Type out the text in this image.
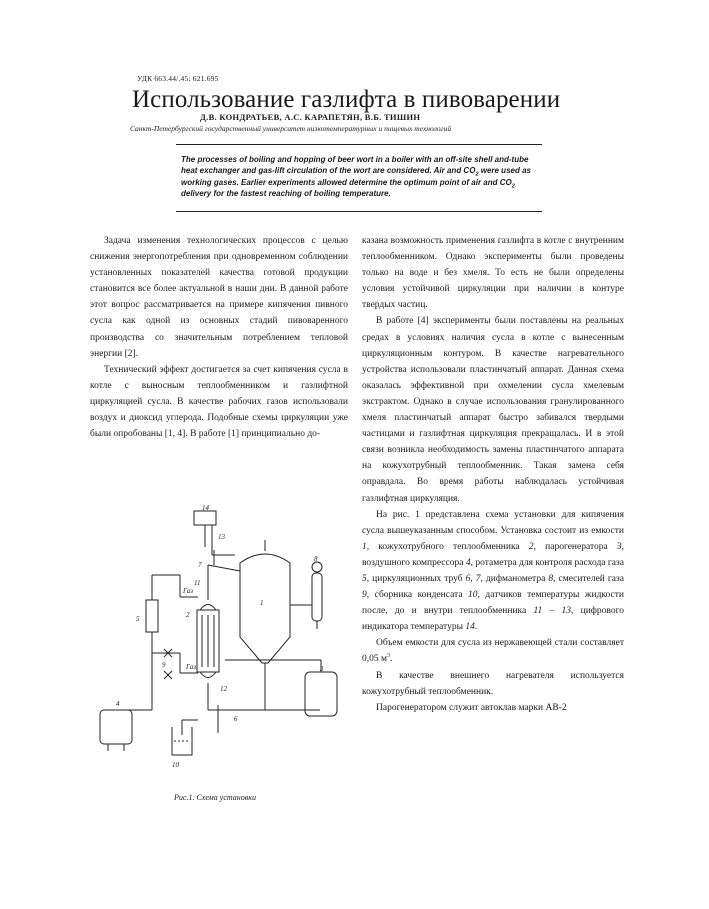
УДК 663.44/.45; 621.695
Использование газлифта в пивоварении
Д.В. КОНДРАТЬЕВ, А.С. КАРАПЕТЯН, В.Б. ТИШИН
Санкт-Петербургский государственный университет низкотемпературных и пищевых технологий
The processes of boiling and hopping of beer wort in a boiler with an off-site shell and-tube heat exchanger and gas-lift circulation of the wort are considered. Air and $CO_2$ were used as working gases. Earlier experiments allowed determine the optimum point of air and $CO_2$ delivery for the fastest reaching of boiling temperature.

Задача изменения технологических процессов с целью снижения энергопотребления при одновременном соблюдении установленных показателей качества готовой продукции становится все более актуальной в наши дни. В данной работе этот вопрос рассматривается на примере кипячения пивного сусла как одной из основных стадий пивоваренного производства со значительным потреблением тепловой энергии [2].

Технический эффект достигается за счет кипячения сусла в котле с выносным теплообменником и газлифтной циркуляцией сусла. В качестве рабочих газов использовали воздух и диоксид углерода. Подобные схемы циркуляции уже были опробованы [1, 4]. В работе [1] принципиально до-

казана возможность применения газлифта в котле с внутренним теплообменником. Однако эксперименты были проведены только на воде и без хмеля. То есть не были определены условия устойчивой циркуляции при наличии в контуре твердых частиц.

В работе [4] эксперименты были поставлены на реальных средах в условиях наличия сусла в котле с вынесенным циркуляционным контуром. В качестве нагревательного устройства использовали пластинчатый аппарат. Данная схема оказалась эффективной при охмелении сусла хмелевым экстрактом. Однако в случае использования гранулированного хмеля пластинчатый аппарат быстро забивался твердыми частицами и газлифтная циркуляция прекращалась. И в этой связи возникла необходимость замены пластинчатого аппарата на кожухотрубный теплообменник. Такая замена себя оправдала. Во время работы наблюдалась устойчивая газлифтная циркуляция.

На рис. 1 представлена схема установки для кипячения сусла вышеуказанным способом. Установка состоит из емкости 1, кожухотрубного теплообменника 2, парогенератора 3, воздушного компрессора 4, ротаметра для контроля расхода газа 5, циркуляционных труб 6, 7, дифманометра 8, смесителей газа 9, сборника конденсата 10, датчиков температуры жидкости после, до и внутри теплообменника 11 – 13, цифрового индикатора температуры 14.

Объем емкости для сусла из нержавеющей стали составляет 0,05 $м^3$.

В качестве внешнего нагревателя используется кожухотрубный теплообменник.

Парогенератором служит автоклав марки АВ-2

14
1
2
3
4
5
6
7
8
9
10
11
12
13
Газ
Газ
Рис.1. Схема установки
